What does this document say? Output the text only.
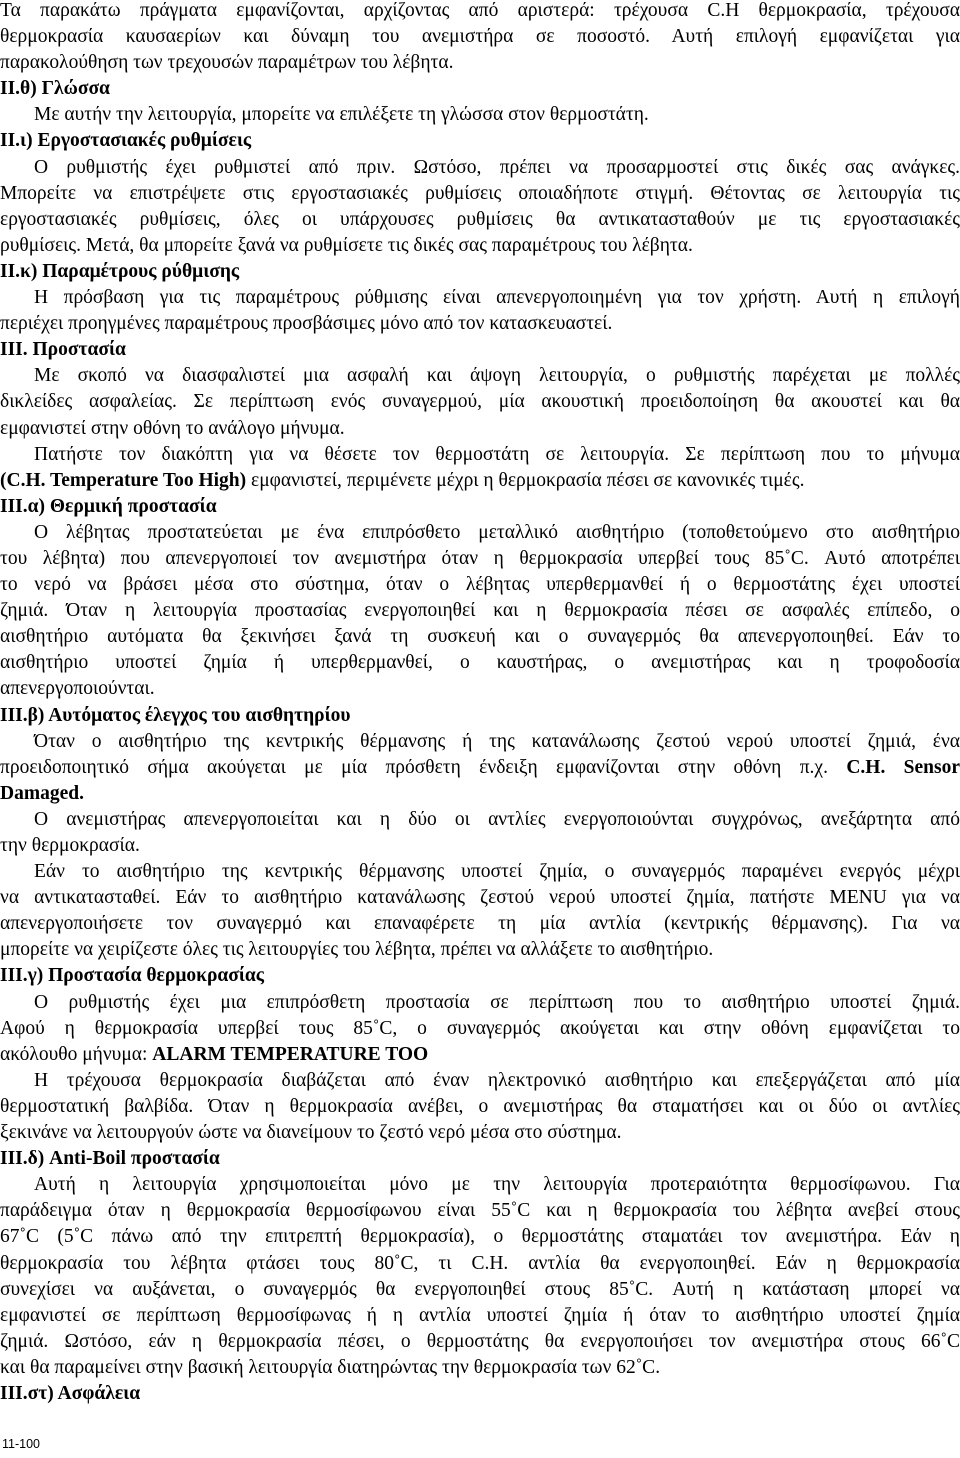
Τα παρακάτω πράγματα εμφανίζονται, αρχίζοντας από αριστερά: τρέχουσα C.H θερμοκρασία, τρέχουσα
θερμοκρασία καυσαερίων και δύναμη του ανεμιστήρα σε ποσοστό. Αυτή επιλογή εμφανίζεται για
παρακολούθηση των τρεχουσών παραμέτρων του λέβητα.
II.θ) Γλώσσα
Με αυτήν την λειτουργία, μπορείτε να επιλέξετε τη γλώσσα στον θερμοστάτη.
II.ι) Εργοστασιακές ρυθμίσεις
Ο ρυθμιστής έχει ρυθμιστεί από πριν. Ωστόσο, πρέπει να προσαρμοστεί στις δικές σας ανάγκες.
Μπορείτε να επιστρέψετε στις εργοστασιακές ρυθμίσεις οποιαδήποτε στιγμή. Θέτοντας σε λειτουργία τις
εργοστασιακές ρυθμίσεις, όλες οι υπάρχουσες ρυθμίσεις θα αντικατασταθούν με τις εργοστασιακές
ρυθμίσεις. Μετά, θα μπορείτε ξανά να ρυθμίσετε τις δικές σας παραμέτρους του λέβητα.
II.κ) Παραμέτρους ρύθμισης
Η πρόσβαση για τις παραμέτρους ρύθμισης είναι απενεργοποιημένη για τον χρήστη. Αυτή η επιλογή
περιέχει προηγμένες παραμέτρους προσβάσιμες μόνο από τον κατασκευαστεί.
III. Προστασία
Με σκοπό να διασφαλιστεί μια ασφαλή και άψογη λειτουργία, ο ρυθμιστής παρέχεται με πολλές
δικλείδες ασφαλείας. Σε περίπτωση ενός συναγερμού, μία ακουστική προειδοποίηση θα ακουστεί και θα
εμφανιστεί στην οθόνη το ανάλογο μήνυμα.
Πατήστε τον διακόπτη για να θέσετε τον θερμοστάτη σε λειτουργία. Σε περίπτωση που το μήνυμα
(C.H. Temperature Too High) εμφανιστεί, περιμένετε μέχρι η θερμοκρασία πέσει σε κανονικές τιμές.
III.α) Θερμική προστασία
Ο λέβητας προστατεύεται με ένα επιπρόσθετο μεταλλικό αισθητήριο (τοποθετούμενο στο αισθητήριο
του λέβητα) που απενεργοποιεί τον ανεμιστήρα όταν η θερμοκρασία υπερβεί τους 85˚C. Αυτό αποτρέπει
το νερό να βράσει μέσα στο σύστημα, όταν ο λέβητας υπερθερμανθεί ή ο θερμοστάτης έχει υποστεί
ζημιά. Όταν η λειτουργία προστασίας ενεργοποιηθεί και η θερμοκρασία πέσει σε ασφαλές επίπεδο, ο
αισθητήριο αυτόματα θα ξεκινήσει ξανά τη συσκευή και ο συναγερμός θα απενεργοποιηθεί. Εάν το
αισθητήριο υποστεί ζημία ή υπερθερμανθεί, ο καυστήρας, ο ανεμιστήρας και η τροφοδοσία
απενεργοποιούνται.
III.β) Αυτόματος έλεγχος του αισθητηρίου
Όταν ο αισθητήριο της κεντρικής θέρμανσης ή της κατανάλωσης ζεστού νερού υποστεί ζημιά, ένα
προειδοποιητικό σήμα ακούγεται με μία πρόσθετη ένδειξη εμφανίζονται στην οθόνη π.χ. C.H. Sensor
Damaged.
Ο ανεμιστήρας απενεργοποιείται και η δύο οι αντλίες ενεργοποιούνται συγχρόνως, ανεξάρτητα από
την θερμοκρασία.
Εάν το αισθητήριο της κεντρικής θέρμανσης υποστεί ζημία, ο συναγερμός παραμένει ενεργός μέχρι
να αντικατασταθεί. Εάν το αισθητήριο κατανάλωσης ζεστού νερού υποστεί ζημία, πατήστε MENU για να
απενεργοποιήσετε τον συναγερμό και επαναφέρετε τη μία αντλία (κεντρικής θέρμανσης). Για να
μπορείτε να χειρίζεστε όλες τις λειτουργίες του λέβητα, πρέπει να αλλάξετε το αισθητήριο.
III.γ) Προστασία θερμοκρασίας
Ο ρυθμιστής έχει μια επιπρόσθετη προστασία σε περίπτωση που το αισθητήριο υποστεί ζημιά.
Αφού η θερμοκρασία υπερβεί τους 85˚C, ο συναγερμός ακούγεται και στην οθόνη εμφανίζεται το
ακόλουθο μήνυμα: ALARM TEMPERATURE TOO
Η τρέχουσα θερμοκρασία διαβάζεται από έναν ηλεκτρονικό αισθητήριο και επεξεργάζεται από μία
θερμοστατική βαλβίδα. Όταν η θερμοκρασία ανέβει, ο ανεμιστήρας θα σταματήσει και οι δύο οι αντλίες
ξεκινάνε να λειτουργούν ώστε να διανείμουν το ζεστό νερό μέσα στο σύστημα.
III.δ) Anti-Boil προστασία
Αυτή η λειτουργία χρησιμοποιείται μόνο με την λειτουργία προτεραιότητα θερμοσίφωνου. Για
παράδειγμα όταν η θερμοκρασία θερμοσίφωνου είναι 55˚C και η θερμοκρασία του λέβητα ανεβεί στους
67˚C (5˚C πάνω από την επιτρεπτή θερμοκρασία), ο θερμοστάτης σταματάει τον ανεμιστήρα. Εάν η
θερμοκρασία του λέβητα φτάσει τους 80˚C, τι C.H. αντλία θα ενεργοποιηθεί. Εάν η θερμοκρασία
συνεχίσει να αυξάνεται, ο συναγερμός θα ενεργοποιηθεί στους 85˚C. Αυτή η κατάσταση μπορεί να
εμφανιστεί σε περίπτωση θερμοσίφωνας ή η αντλία υποστεί ζημία ή όταν το αισθητήριο υποστεί ζημία
ζημιά. Ωστόσο, εάν η θερμοκρασία πέσει, ο θερμοστάτης θα ενεργοποιήσει τον ανεμιστήρα στους 66˚C
και θα παραμείνει στην βασική λειτουργία διατηρώντας την θερμοκρασία των 62˚C.
III.στ) Ασφάλεια
11-100
